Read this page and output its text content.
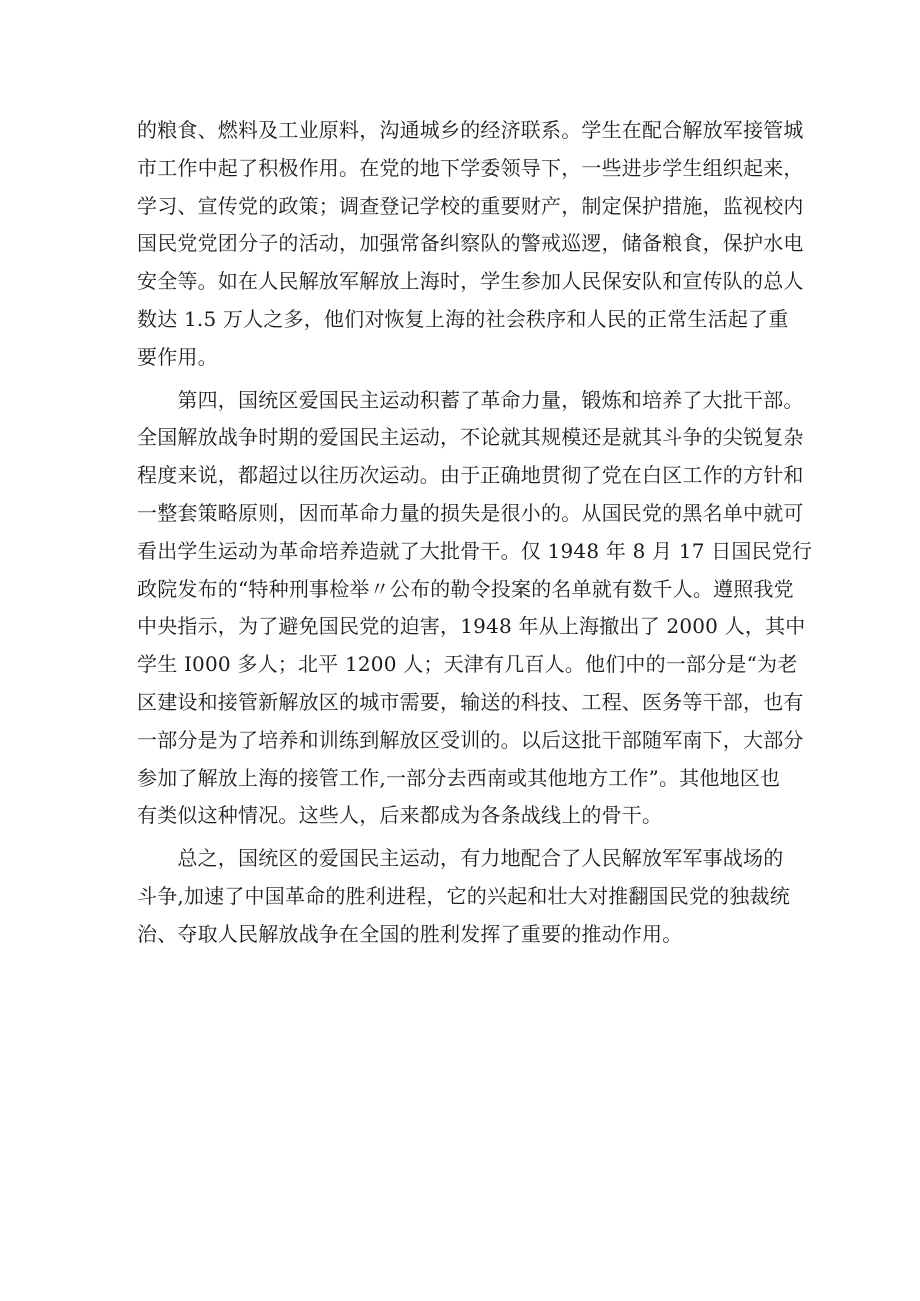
的粮食、燃料及工业原料，沟通城乡的经济联系。学生在配合解放军接管城
市工作中起了积极作用。在党的地下学委领导下，一些进步学生组织起来，
学习、宣传党的政策；调查登记学校的重要财产，制定保护措施，监视校内
国民党党团分子的活动，加强常备纠察队的警戒巡逻，储备粮食，保护水电
安全等。如在人民解放军解放上海时，学生参加人民保安队和宣传队的总人
数达 1.5 万人之多，他们对恢复上海的社会秩序和人民的正常生活起了重
要作用。
　　第四，国统区爱国民主运动积蓄了革命力量，锻炼和培养了大批干部。
全国解放战争时期的爱国民主运动，不论就其规模还是就其斗争的尖锐复杂
程度来说，都超过以往历次运动。由于正确地贯彻了党在白区工作的方针和
一整套策略原则，因而革命力量的损失是很小的。从国民党的黑名单中就可
看出学生运动为革命培养造就了大批骨干。仅 1948 年 8 月 17 日国民党行
政院发布的“特种刑事检举〃公布的勒令投案的名单就有数千人。遵照我党
中央指示，为了避免国民党的迫害，1948 年从上海撤出了 2000 人，其中
学生 I000 多人；北平 1200 人；天津有几百人。他们中的一部分是“为老
区建设和接管新解放区的城市需要，输送的科技、工程、医务等干部，也有
一部分是为了培养和训练到解放区受训的。以后这批干部随军南下，大部分
参加了解放上海的接管工作,一部分去西南或其他地方工作”。其他地区也
有类似这种情况。这些人，后来都成为各条战线上的骨干。
　　总之，国统区的爱国民主运动，有力地配合了人民解放军军事战场的
斗争,加速了中国革命的胜利进程，它的兴起和壮大对推翻国民党的独裁统
治、夺取人民解放战争在全国的胜利发挥了重要的推动作用。
